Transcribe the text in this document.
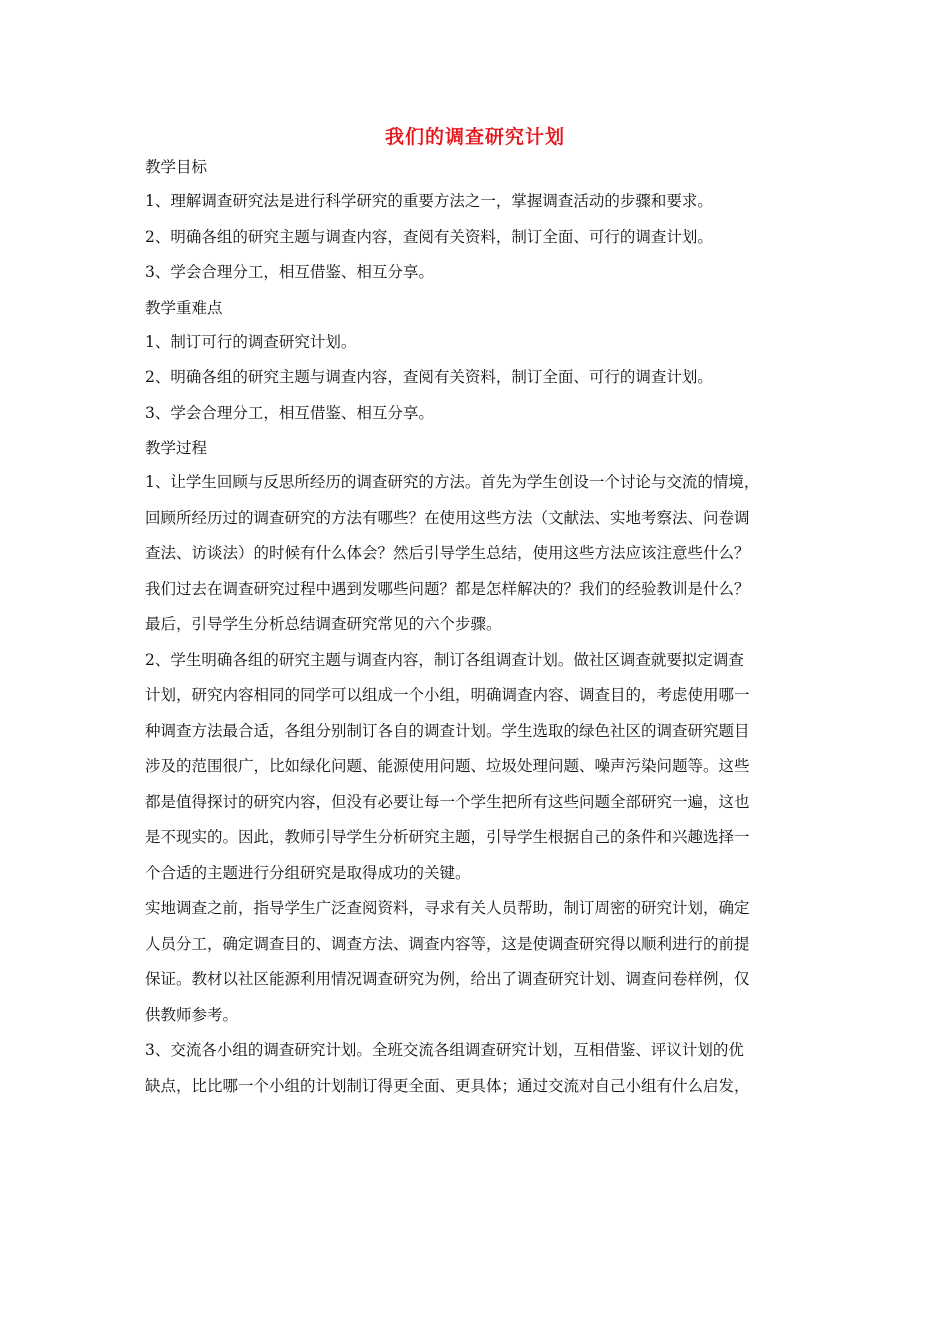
我们的调查研究计划
教学目标
1、理解调查研究法是进行科学研究的重要方法之一，掌握调查活动的步骤和要求。
2、明确各组的研究主题与调查内容，查阅有关资料，制订全面、可行的调查计划。
3、学会合理分工，相互借鉴、相互分享。
教学重难点
1、制订可行的调查研究计划。
2、明确各组的研究主题与调查内容，查阅有关资料，制订全面、可行的调查计划。
3、学会合理分工，相互借鉴、相互分享。
教学过程
1、让学生回顾与反思所经历的调查研究的方法。首先为学生创设一个讨论与交流的情境，
回顾所经历过的调查研究的方法有哪些？在使用这些方法（文献法、实地考察法、问卷调
查法、访谈法）的时候有什么体会？然后引导学生总结，使用这些方法应该注意些什么？
我们过去在调查研究过程中遇到发哪些问题？都是怎样解决的？我们的经验教训是什么？
最后，引导学生分析总结调查研究常见的六个步骤。
2、学生明确各组的研究主题与调查内容，制订各组调查计划。做社区调查就要拟定调查
计划，研究内容相同的同学可以组成一个小组，明确调查内容、调查目的，考虑使用哪一
种调查方法最合适，各组分别制订各自的调查计划。学生选取的绿色社区的调查研究题目
涉及的范围很广，比如绿化问题、能源使用问题、垃圾处理问题、噪声污染问题等。这些
都是值得探讨的研究内容，但没有必要让每一个学生把所有这些问题全部研究一遍，这也
是不现实的。因此，教师引导学生分析研究主题，引导学生根据自己的条件和兴趣选择一
个合适的主题进行分组研究是取得成功的关键。
实地调查之前，指导学生广泛查阅资料，寻求有关人员帮助，制订周密的研究计划，确定
人员分工，确定调查目的、调查方法、调查内容等，这是使调查研究得以顺利进行的前提
保证。教材以社区能源利用情况调查研究为例，给出了调查研究计划、调查问卷样例，仅
供教师参考。
3、交流各小组的调查研究计划。全班交流各组调查研究计划，互相借鉴、评议计划的优
缺点，比比哪一个小组的计划制订得更全面、更具体；通过交流对自己小组有什么启发，
